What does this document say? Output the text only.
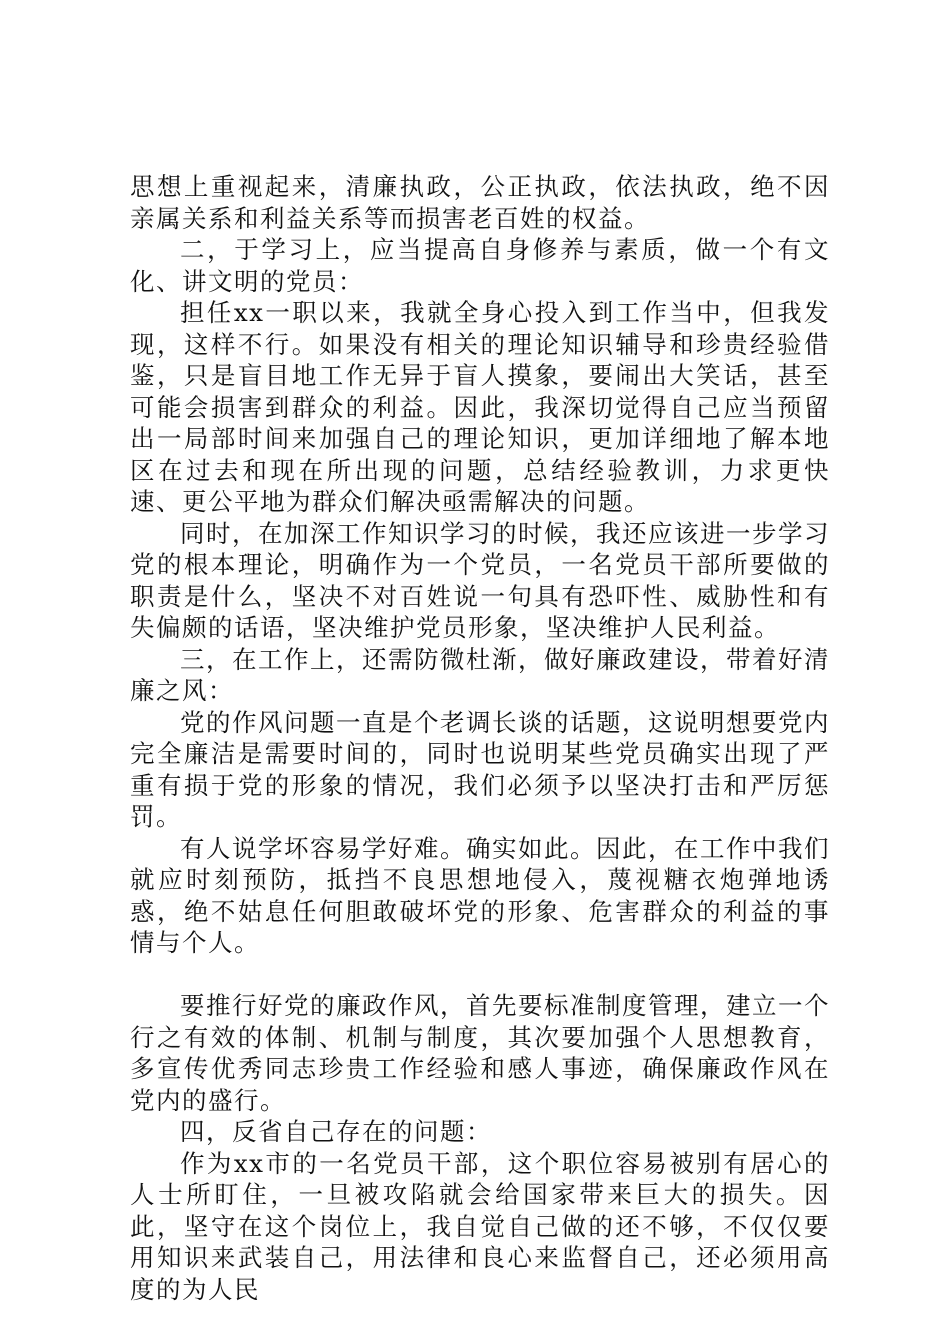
思想上重视起来，清廉执政，公正执政，依法执政，绝不因亲属关系和利益关系等而损害老百姓的权益。

二，于学习上，应当提高自身修养与素质，做一个有文化、讲文明的党员：

担任xx一职以来，我就全身心投入到工作当中，但我发现，这样不行。如果没有相关的理论知识辅导和珍贵经验借鉴，只是盲目地工作无异于盲人摸象，要闹出大笑话，甚至可能会损害到群众的利益。因此，我深切觉得自己应当预留出一局部时间来加强自己的理论知识，更加详细地了解本地区在过去和现在所出现的问题，总结经验教训，力求更快速、更公平地为群众们解决亟需解决的问题。

同时，在加深工作知识学习的时候，我还应该进一步学习党的根本理论，明确作为一个党员，一名党员干部所要做的职责是什么，坚决不对百姓说一句具有恐吓性、威胁性和有失偏颇的话语，坚决维护党员形象，坚决维护人民利益。

三，在工作上，还需防微杜渐，做好廉政建设，带着好清廉之风：

党的作风问题一直是个老调长谈的话题，这说明想要党内完全廉洁是需要时间的，同时也说明某些党员确实出现了严重有损于党的形象的情况，我们必须予以坚决打击和严厉惩罚。

有人说学坏容易学好难。确实如此。因此，在工作中我们就应时刻预防，抵挡不良思想地侵入，蔑视糖衣炮弹地诱惑，绝不姑息任何胆敢破坏党的形象、危害群众的利益的事情与个人。

要推行好党的廉政作风，首先要标准制度管理，建立一个行之有效的体制、机制与制度，其次要加强个人思想教育，多宣传优秀同志珍贵工作经验和感人事迹，确保廉政作风在党内的盛行。

四，反省自己存在的问题：

作为xx市的一名党员干部，这个职位容易被别有居心的人士所盯住，一旦被攻陷就会给国家带来巨大的损失。因此，坚守在这个岗位上，我自觉自己做的还不够，不仅仅要用知识来武装自己，用法律和良心来监督自己，还必须用高度的为人民
